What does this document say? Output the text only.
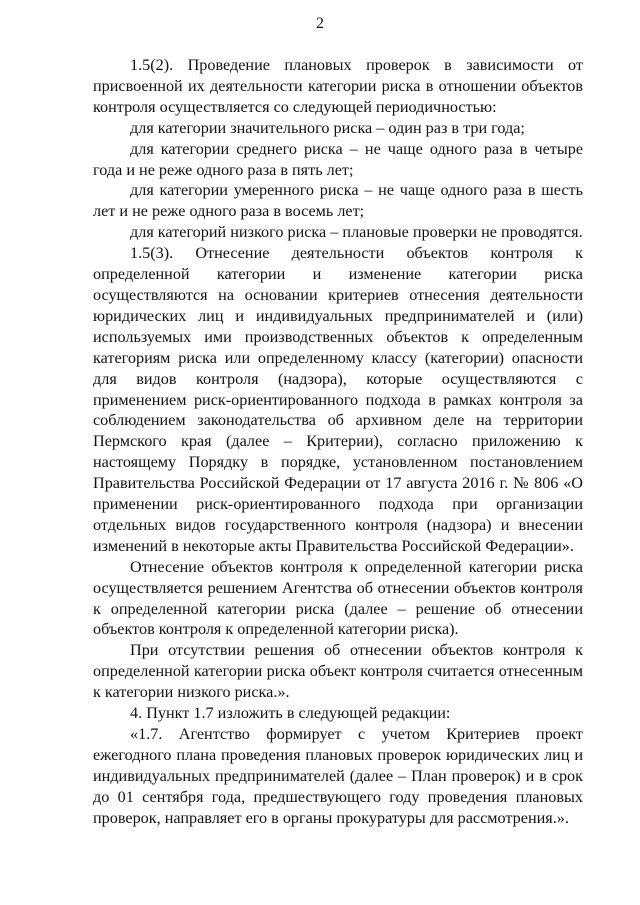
2

1.5(2). Проведение плановых проверок в зависимости от присвоенной их деятельности категории риска в отношении объектов контроля осуществляется со следующей периодичностью:

для категории значительного риска – один раз в три года;

для категории среднего риска – не чаще одного раза в четыре года и не реже одного раза в пять лет;

для категории умеренного риска – не чаще одного раза в шесть лет и не реже одного раза в восемь лет;

для категорий низкого риска – плановые проверки не проводятся.

1.5(3). Отнесение деятельности объектов контроля к определенной категории и изменение категории риска осуществляются на основании критериев отнесения деятельности юридических лиц и индивидуальных предпринимателей и (или) используемых ими производственных объектов к определенным категориям риска или определенному классу (категории) опасности для видов контроля (надзора), которые осуществляются с применением риск-ориентированного подхода в рамках контроля за соблюдением законодательства об архивном деле на территории Пермского края (далее – Критерии), согласно приложению к настоящему Порядку в порядке, установленном постановлением Правительства Российской Федерации от 17 августа 2016 г. № 806 «О применении риск-ориентированного подхода при организации отдельных видов государственного контроля (надзора) и внесении изменений в некоторые акты Правительства Российской Федерации».

Отнесение объектов контроля к определенной категории риска осуществляется решением Агентства об отнесении объектов контроля к определенной категории риска (далее – решение об отнесении объектов контроля к определенной категории риска).

При отсутствии решения об отнесении объектов контроля к определенной категории риска объект контроля считается отнесенным к категории низкого риска.».

4. Пункт 1.7 изложить в следующей редакции:

«1.7. Агентство формирует с учетом Критериев проект ежегодного плана проведения плановых проверок юридических лиц и индивидуальных предпринимателей (далее – План проверок) и в срок до 01 сентября года, предшествующего году проведения плановых проверок, направляет его в органы прокуратуры для рассмотрения.».
